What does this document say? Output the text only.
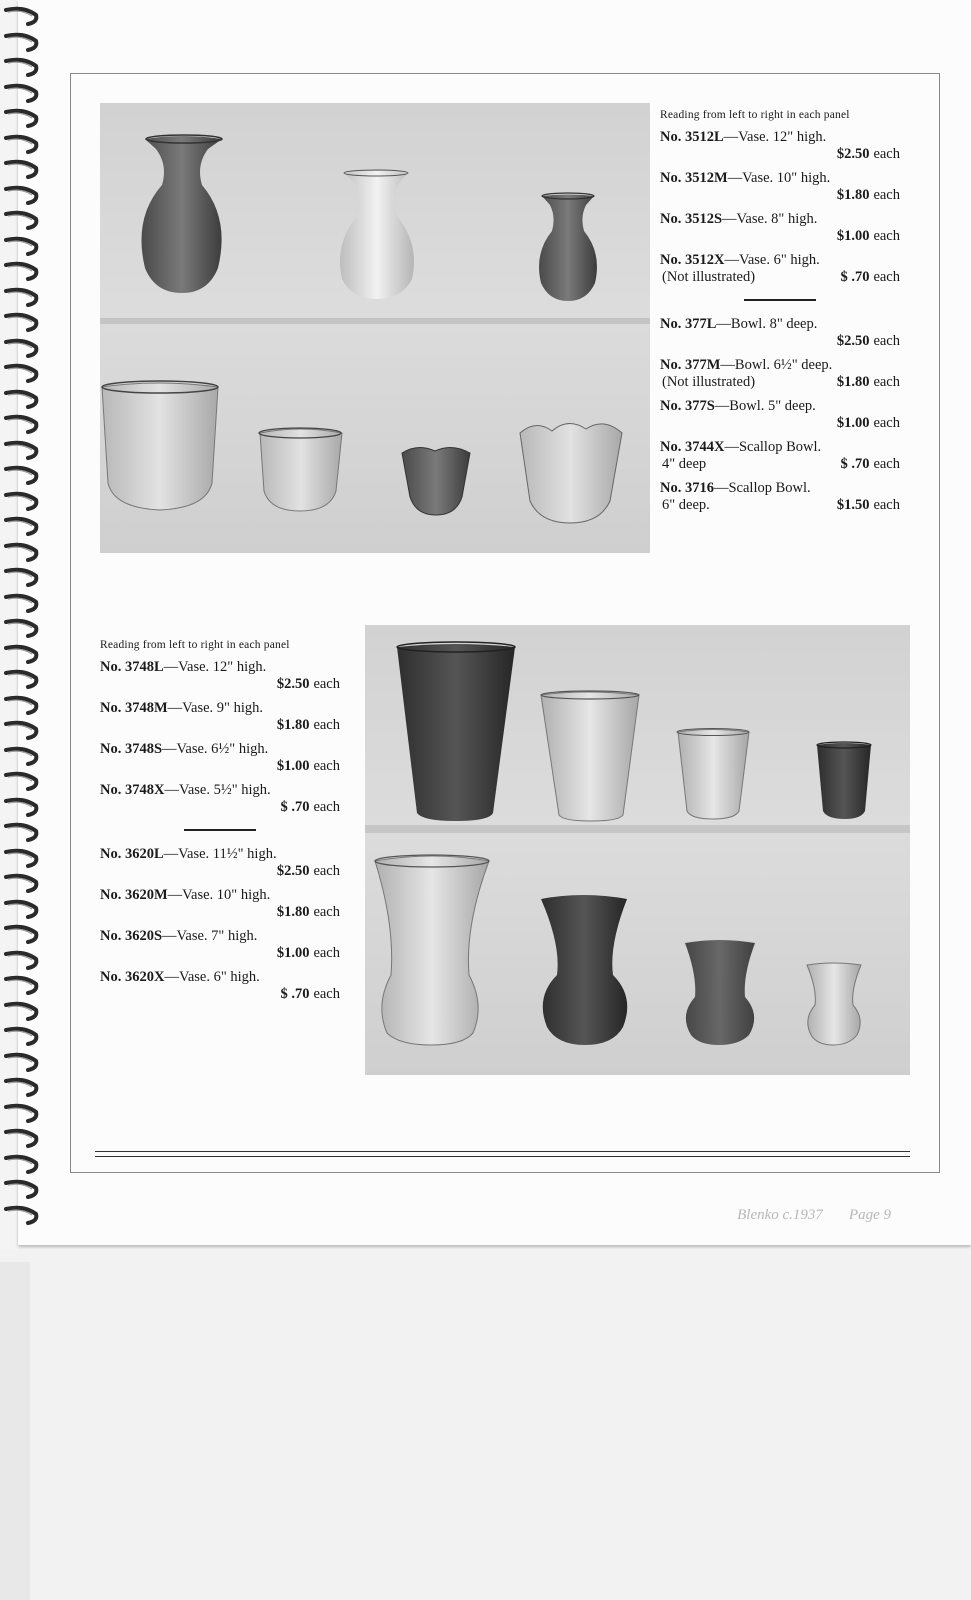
Reading from left to right in each panel
No. 3512L—Vase. 12" high.
$2.50 each
No. 3512M—Vase. 10" high.
$1.80 each
No. 3512S—Vase. 8" high.
$1.00 each
No. 3512X—Vase. 6" high.
(Not illustrated)	$ .70 each
No. 377L—Bowl. 8" deep.
$2.50 each
No. 377M—Bowl. 6½" deep.
(Not illustrated)	$1.80 each
No. 377S—Bowl. 5" deep.
$1.00 each
No. 3744X—Scallop Bowl.
4" deep	$ .70 each
No. 3716—Scallop Bowl.
6" deep.	$1.50 each
Reading from left to right in each panel
No. 3748L—Vase. 12" high.
$2.50 each
No. 3748M—Vase. 9" high.
$1.80 each
No. 3748S—Vase. 6½" high.
$1.00 each
No. 3748X—Vase. 5½" high.
$ .70 each
No. 3620L—Vase. 11½" high.
$2.50 each
No. 3620M—Vase. 10" high.
$1.80 each
No. 3620S—Vase. 7" high.
$1.00 each
No. 3620X—Vase. 6" high.
$ .70 each
Blenko c.1937 Page 9
